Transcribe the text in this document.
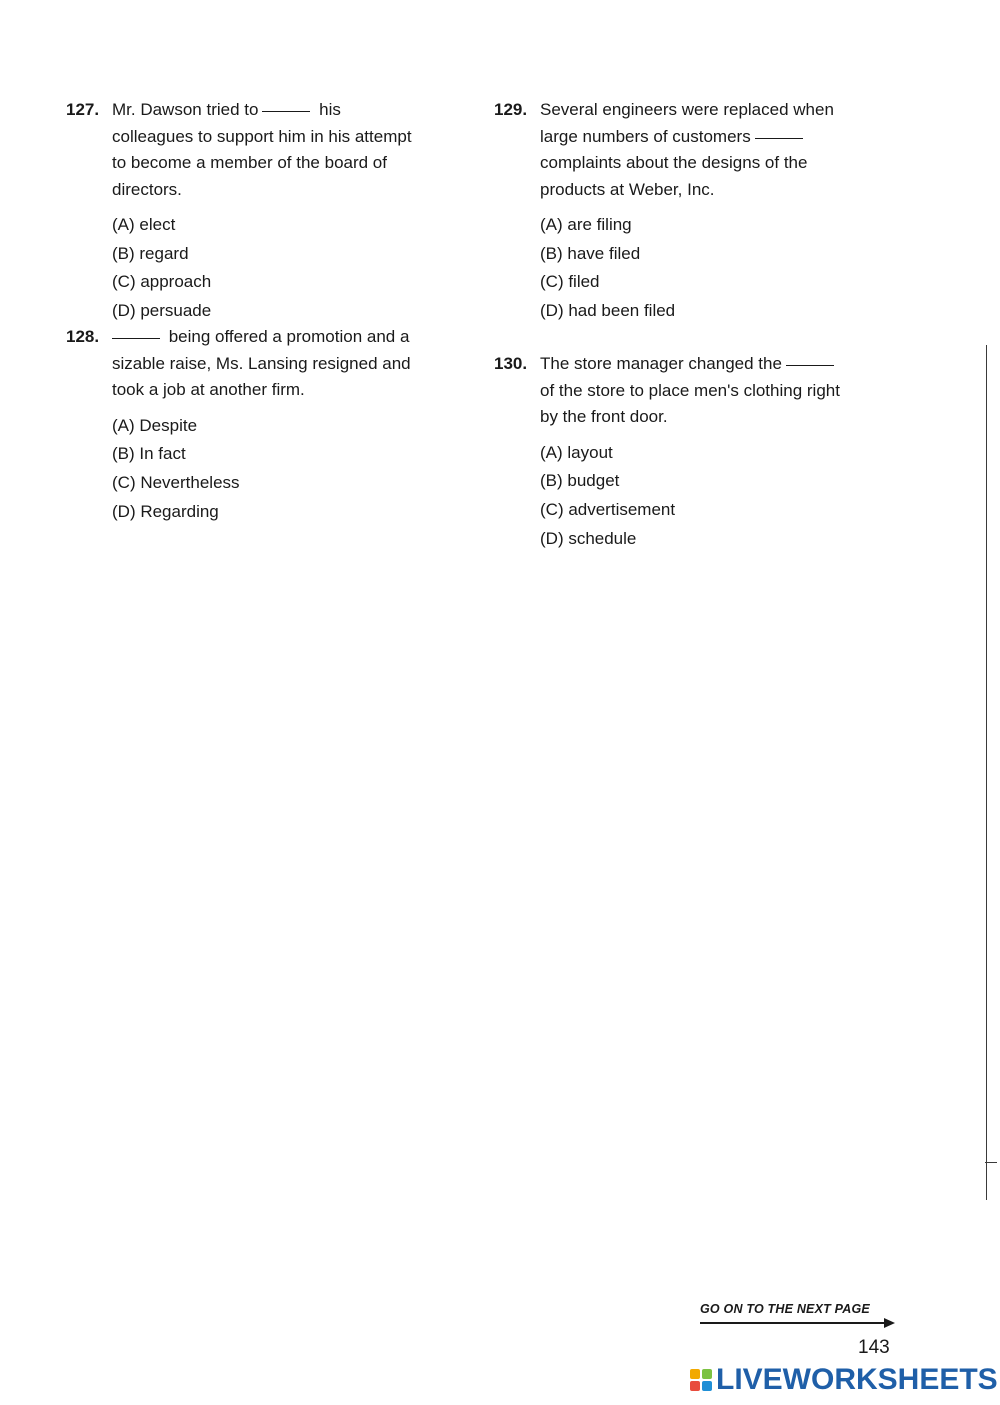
127. Mr. Dawson tried to	his colleagues to support him in his attempt to become a member of the board of directors.
(A) elect
(B) regard
(C) approach
(D) persuade
128.	being offered a promotion and a sizable raise, Ms. Lansing resigned and took a job at another firm.
(A) Despite
(B) In fact
(C) Nevertheless
(D) Regarding
129. Several engineers were replaced when large numbers of customers complaints about the designs of the products at Weber, Inc.
(A) are filing
(B) have filed
(C) filed
(D) had been filed
130. The store manager changed the of the store to place men's clothing right by the front door.
(A) layout
(B) budget
(C) advertisement
(D) schedule
GO ON TO THE NEXT PAGE
143
LIVEWORKSHEETS
